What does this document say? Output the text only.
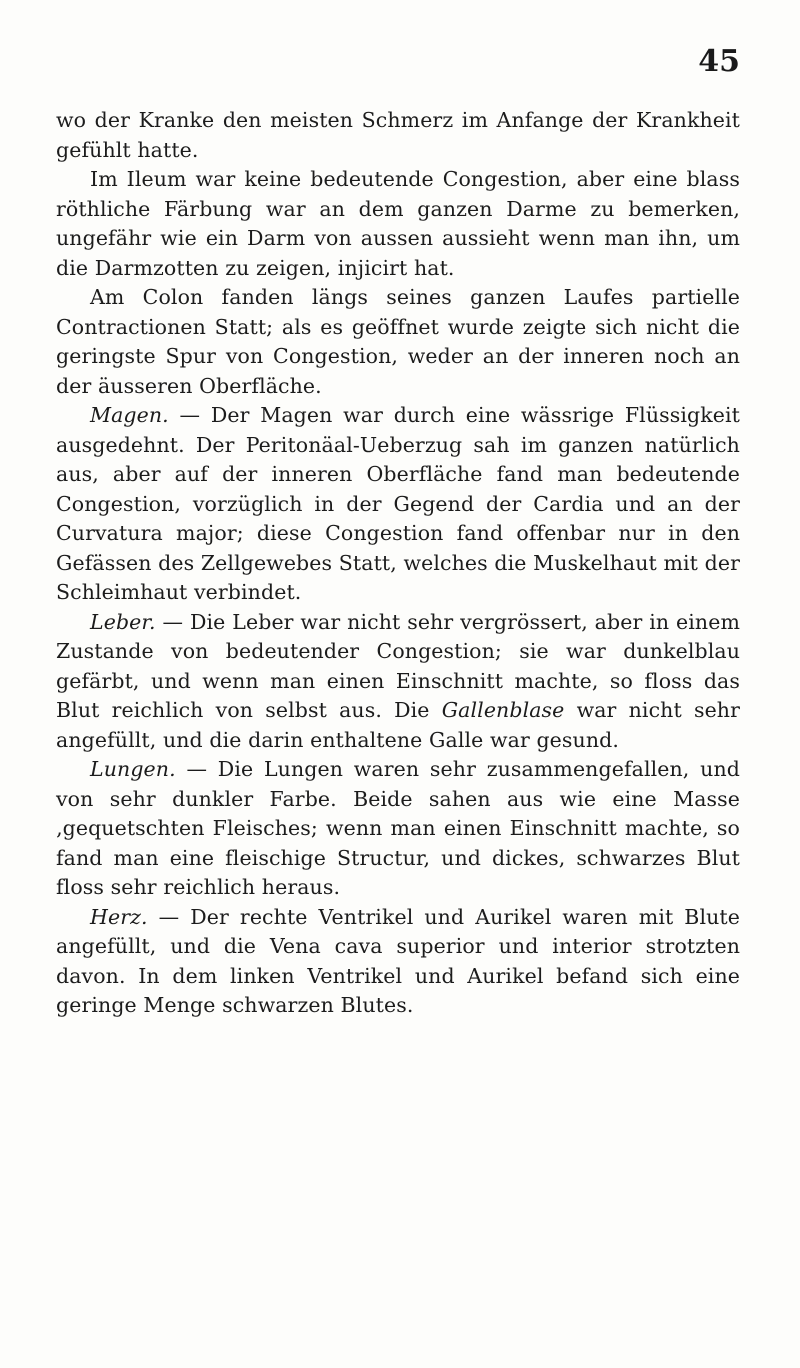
45

wo der Kranke den meisten Schmerz im Anfange der Krankheit gefühlt hatte.

Im Ileum war keine bedeutende Congestion, aber eine blass röthliche Färbung war an dem ganzen Darme zu bemerken, ungefähr wie ein Darm von aussen aussieht wenn man ihn, um die Darmzotten zu zeigen, injicirt hat.

Am Colon fanden längs seines ganzen Laufes partielle Contractionen Statt; als es geöffnet wurde zeigte sich nicht die geringste Spur von Congestion, weder an der inneren noch an der äusseren Oberfläche.

Magen. — Der Magen war durch eine wässrige Flüssigkeit ausgedehnt. Der Peritonäal-Ueberzug sah im ganzen natürlich aus, aber auf der inneren Oberfläche fand man bedeutende Congestion, vorzüglich in der Gegend der Cardia und an der Curvatura major; diese Congestion fand offenbar nur in den Gefässen des Zellgewebes Statt, welches die Muskelhaut mit der Schleimhaut verbindet.

Leber. — Die Leber war nicht sehr vergrössert, aber in einem Zustande von bedeutender Congestion; sie war dunkelblau gefärbt, und wenn man einen Einschnitt machte, so floss das Blut reichlich von selbst aus. Die Gallenblase war nicht sehr angefüllt, und die darin enthaltene Galle war gesund.

Lungen. — Die Lungen waren sehr zusammengefallen, und von sehr dunkler Farbe. Beide sahen aus wie eine Masse ‚gequetschten Fleisches; wenn man einen Einschnitt machte, so fand man eine fleischige Structur, und dickes, schwarzes Blut floss sehr reichlich heraus.

Herz. — Der rechte Ventrikel und Aurikel waren mit Blute angefüllt, und die Vena cava superior und interior strotzten davon. In dem linken Ventrikel und Aurikel befand sich eine geringe Menge schwarzen Blutes.
